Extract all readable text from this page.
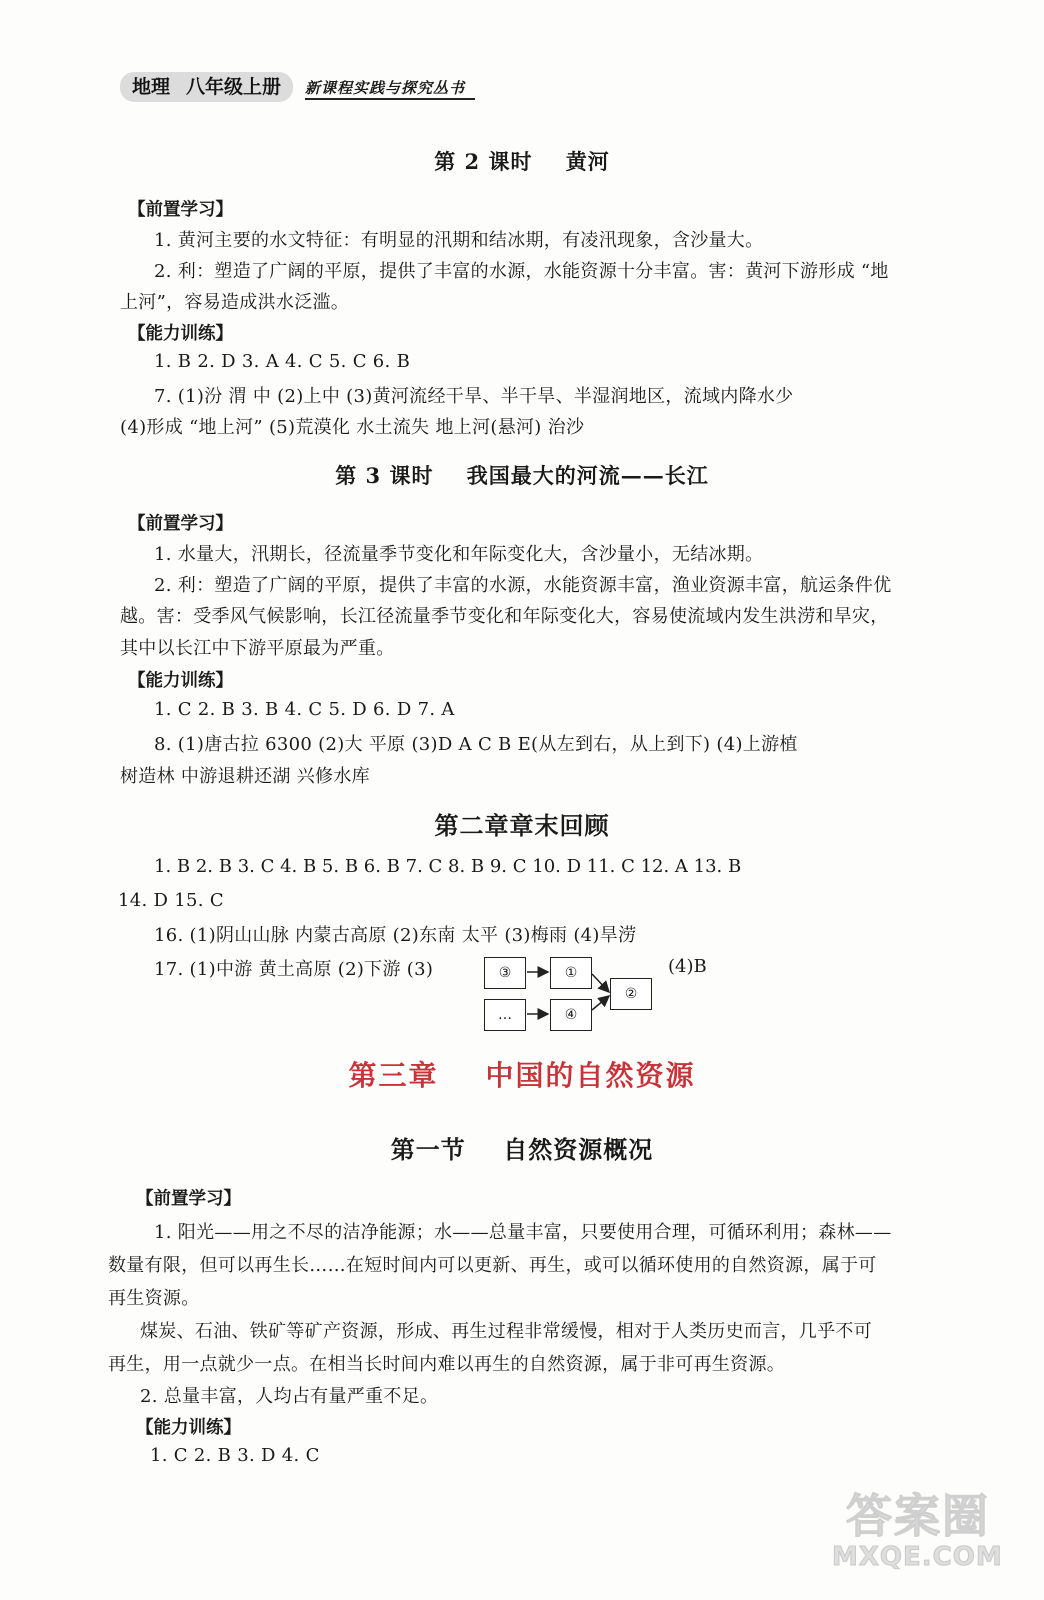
地理 八年级上册	新课程实践与探究丛书
第 2 课时    黄河
【前置学习】
1. 黄河主要的水文特征：有明显的汛期和结冰期，有凌汛现象，含沙量大。
2. 利：塑造了广阔的平原，提供了丰富的水源，水能资源十分丰富。害：黄河下游形成 “地
上河”，容易造成洪水泛滥。
【能力训练】
1. B 2. D 3. A 4. C 5. C 6. B
7. (1)汾 渭 中 (2)上中 (3)黄河流经干旱、半干旱、半湿润地区，流域内降水少
(4)形成 “地上河” (5)荒漠化 水土流失 地上河(悬河) 治沙
第 3 课时    我国最大的河流——长江
【前置学习】
1. 水量大，汛期长，径流量季节变化和年际变化大，含沙量小，无结冰期。
2. 利：塑造了广阔的平原，提供了丰富的水源，水能资源丰富，渔业资源丰富，航运条件优
越。害：受季风气候影响，长江径流量季节变化和年际变化大，容易使流域内发生洪涝和旱灾，
其中以长江中下游平原最为严重。
【能力训练】
1. C 2. B 3. B 4. C 5. D 6. D 7. A
8. (1)唐古拉 6300 (2)大 平原 (3)D A C B E(从左到右，从上到下) (4)上游植
树造林 中游退耕还湖 兴修水库
第二章章末回顾
1. B 2. B 3. C 4. B 5. B 6. B 7. C 8. B 9. C 10. D 11. C 12. A 13. B
14. D 15. C
16. (1)阴山山脉 内蒙古高原 (2)东南 太平 (3)梅雨 (4)旱涝
17. (1)中游 黄土高原 (2)下游 (3)	③	①
…	④
②
(4)B
第三章    中国的自然资源
第一节    自然资源概况
【前置学习】
1. 阳光——用之不尽的洁净能源；水——总量丰富，只要使用合理，可循环利用；森林——
数量有限，但可以再生长……在短时间内可以更新、再生，或可以循环使用的自然资源，属于可
再生资源。
煤炭、石油、铁矿等矿产资源，形成、再生过程非常缓慢，相对于人类历史而言，几乎不可
再生，用一点就少一点。在相当长时间内难以再生的自然资源，属于非可再生资源。
2. 总量丰富，人均占有量严重不足。
【能力训练】
1. C 2. B 3. D 4. C
答案圈
MXQE.COM
